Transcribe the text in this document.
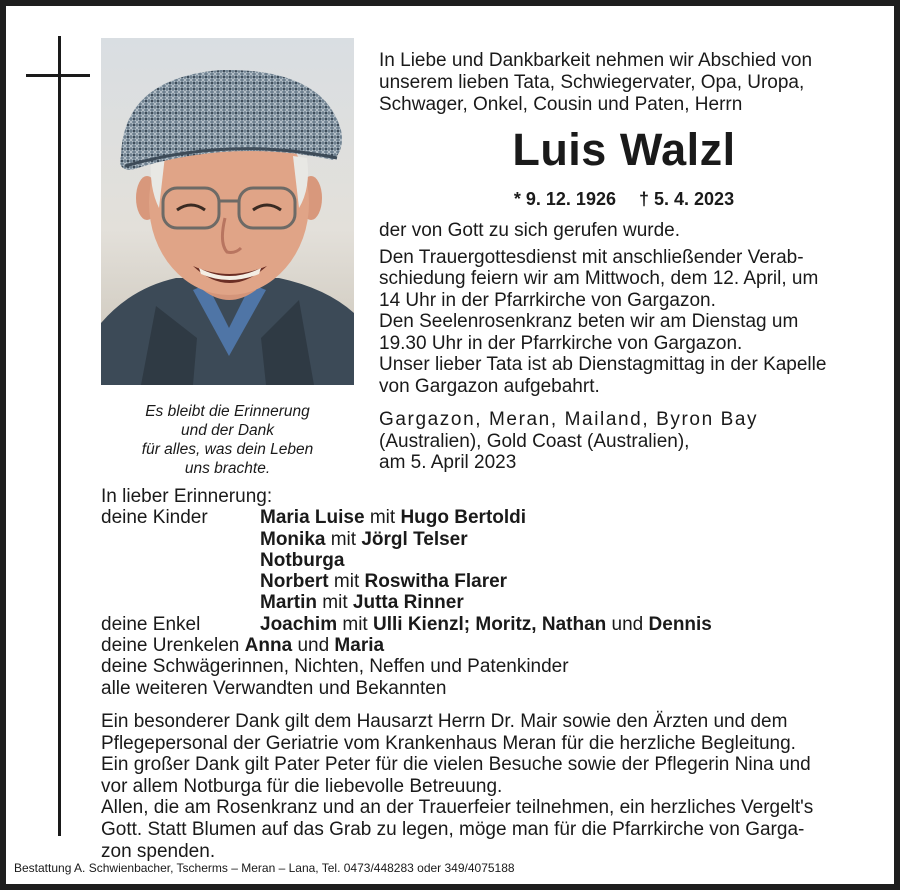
Es bleibt die Erinnerung
und der Dank
für alles, was dein Leben
uns brachte.
In Liebe und Dankbarkeit nehmen wir Abschied von
unserem lieben Tata, Schwiegervater, Opa, Uropa,
Schwager, Onkel, Cousin und Paten, Herrn
Luis Walzl
* 9. 12. 1926 † 5. 4. 2023
der von Gott zu sich gerufen wurde.
Den Trauergottesdienst mit anschließender Verab-
schiedung feiern wir am Mittwoch, dem 12. April, um
14 Uhr in der Pfarrkirche von Gargazon.
Den Seelenrosenkranz beten wir am Dienstag um
19.30 Uhr in der Pfarrkirche von Gargazon.
Unser lieber Tata ist ab Dienstagmittag in der Kapelle
von Gargazon aufgebahrt.
Gargazon, Meran, Mailand, Byron Bay
(Australien), Gold Coast (Australien),
am 5. April 2023
In lieber Erinnerung:
deine Kinder	Maria Luise mit Hugo Bertoldi
Monika mit Jörgl Telser
Notburga
Norbert mit Roswitha Flarer
Martin mit Jutta Rinner
deine Enkel	Joachim mit Ulli Kienzl; Moritz, Nathan und Dennis
deine Urenkelen Anna und Maria
deine Schwägerinnen, Nichten, Neffen und Patenkinder
alle weiteren Verwandten und Bekannten
Ein besonderer Dank gilt dem Hausarzt Herrn Dr. Mair sowie den Ärzten und dem
Pflegepersonal der Geriatrie vom Krankenhaus Meran für die herzliche Begleitung.
Ein großer Dank gilt Pater Peter für die vielen Besuche sowie der Pflegerin Nina und
vor allem Notburga für die liebevolle Betreuung.
Allen, die am Rosenkranz und an der Trauerfeier teilnehmen, ein herzliches Vergelt's
Gott. Statt Blumen auf das Grab zu legen, möge man für die Pfarrkirche von Garga-
zon spenden.
Bestattung A. Schwienbacher, Tscherms – Meran – Lana, Tel. 0473/448283 oder 349/4075188
